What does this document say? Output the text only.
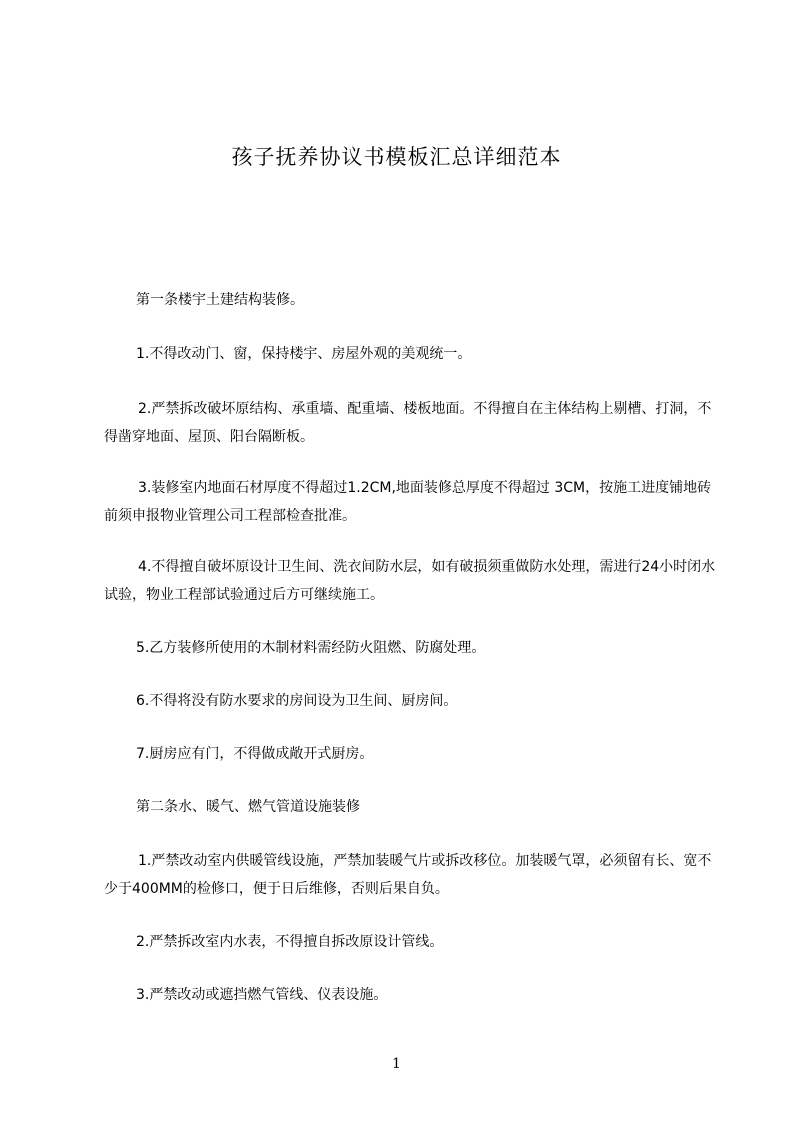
孩子抚养协议书模板汇总详细范本
第一条楼宇土建结构装修。
1.不得改动门、窗，保持楼宇、房屋外观的美观统一。
2.严禁拆改破坏原结构、承重墙、配重墙、楼板地面。不得擅自在主体结构上剔槽、打洞，不得凿穿地面、屋顶、阳台隔断板。
3.装修室内地面石材厚度不得超过1.2CM,地面装修总厚度不得超过 3CM，按施工进度铺地砖前须申报物业管理公司工程部检查批准。
4.不得擅自破坏原设计卫生间、洗衣间防水层，如有破损须重做防水处理，需进行24小时闭水试验，物业工程部试验通过后方可继续施工。
5.乙方装修所使用的木制材料需经防火阻燃、防腐处理。
6.不得将没有防水要求的房间设为卫生间、厨房间。
7.厨房应有门，不得做成敞开式厨房。
第二条水、暖气、燃气管道设施装修
1.严禁改动室内供暖管线设施，严禁加装暖气片或拆改移位。加装暖气罩，必须留有长、宽不少于400MM的检修口，便于日后维修，否则后果自负。
2.严禁拆改室内水表，不得擅自拆改原设计管线。
3.严禁改动或遮挡燃气管线、仪表设施。
1
